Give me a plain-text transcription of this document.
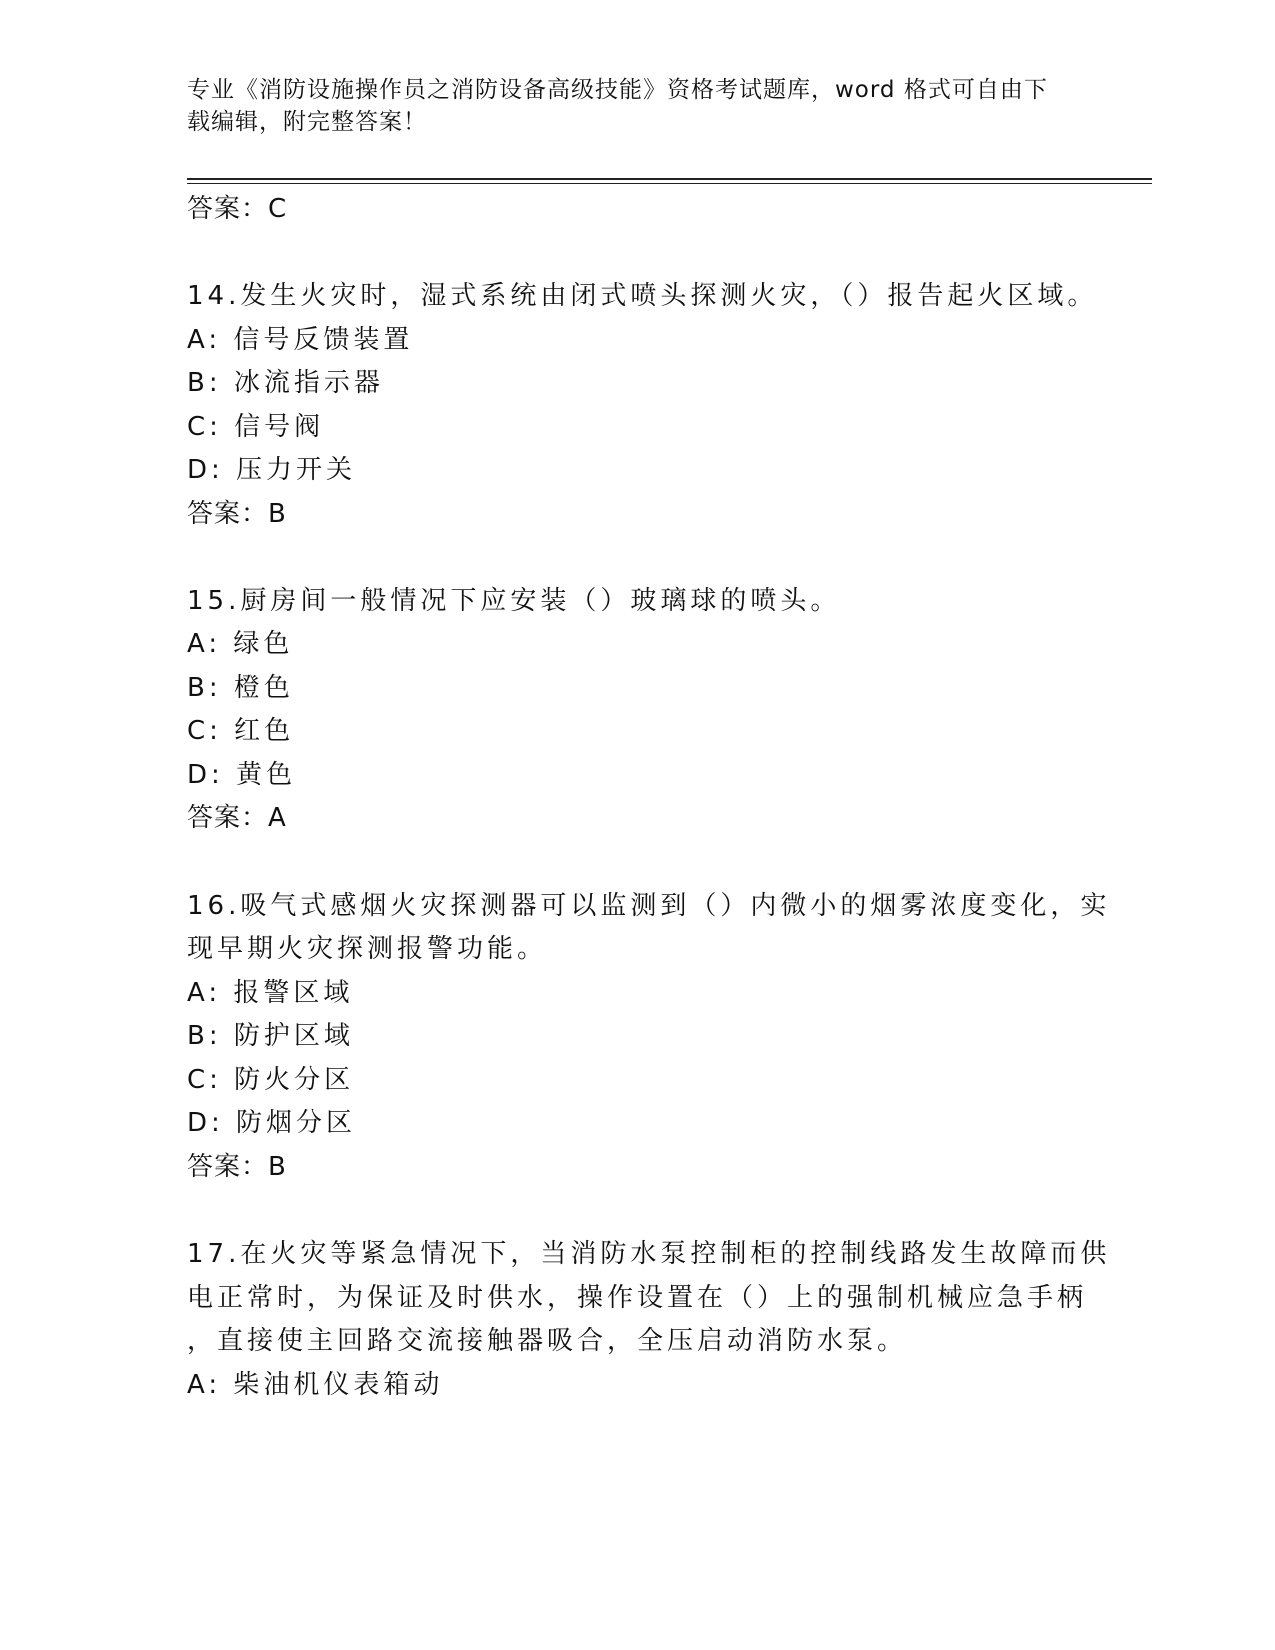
专业《消防设施操作员之消防设备高级技能》资格考试题库，word 格式可自由下
载编辑，附完整答案！
答案：C
14.发生火灾时，湿式系统由闭式喷头探测火灾，（）报告起火区域。
A: 信号反馈装置
B: 冰流指示器
C: 信号阀
D: 压力开关
答案：B
15.厨房间一般情况下应安装（）玻璃球的喷头。
A: 绿色
B: 橙色
C: 红色
D: 黄色
答案：A
16.吸气式感烟火灾探测器可以监测到（）内微小的烟雾浓度变化，实
现早期火灾探测报警功能。
A: 报警区域
B: 防护区域
C: 防火分区
D: 防烟分区
答案：B
17.在火灾等紧急情况下，当消防水泵控制柜的控制线路发生故障而供
电正常时，为保证及时供水，操作设置在（）上的强制机械应急手柄
，直接使主回路交流接触器吸合，全压启动消防水泵。
A: 柴油机仪表箱动
